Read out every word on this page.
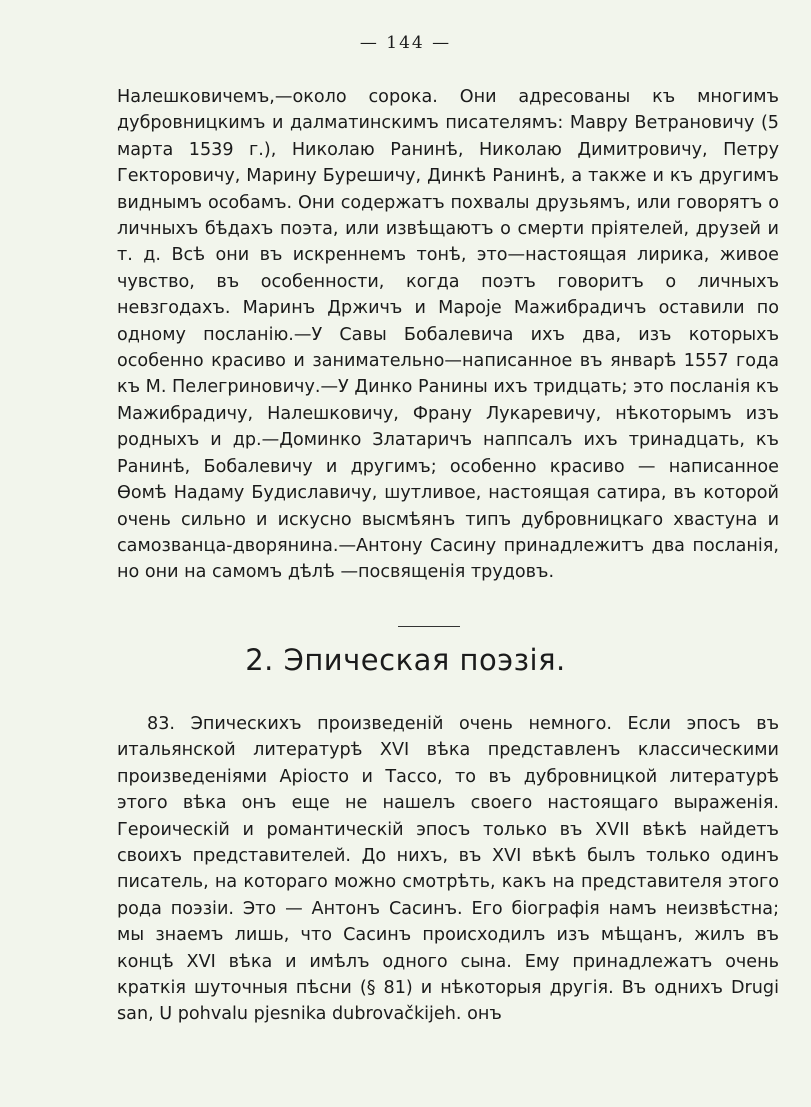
— 144 —

Налешковичемъ,—около сорока. Они адресованы къ многимъ дубровницкимъ и далматинскимъ писателямъ: Мавру Ветрановичу (5 марта 1539 г.), Николаю Ранинѣ, Николаю Димитровичу, Петру Гекторовичу, Марину Бурешичу, Динкѣ Ранинѣ, а также и къ другимъ виднымъ особамъ. Они содержатъ похвалы друзьямъ, или говорятъ о личныхъ бѣдахъ поэта, или извѣщаютъ о смерти пріятелей, друзей и т. д. Всѣ они въ искреннемъ тонѣ, это—настоящая лирика, живое чувство, въ особенности, когда поэтъ говоритъ о личныхъ невзгодахъ. Маринъ Држичъ и Мароје Мажибрадичъ оставили по одному посланію.—У Савы Бобалевича ихъ два, изъ которыхъ особенно красиво и занимательно—написанное въ январѣ 1557 года къ М. Пелегриновичу.—У Динко Ранины ихъ тридцать; это посланія къ Мажибрадичу, Налешковичу, Франу Лукаревичу, нѣкоторымъ изъ родныхъ и др.—Доминко Златаричъ наппсалъ ихъ тринадцать, къ Ранинѣ, Бобалевичу и другимъ; особенно красиво — написанное Ѳомѣ Надаму Будиславичу, шутливое, настоящая сатира, въ которой очень сильно и искусно высмѣянъ типъ дубровницкаго хвастуна и самозванца-дворянина.—Антону Сасину принадлежитъ два посланія, но они на самомъ дѣлѣ —посвященія трудовъ.

2. Эпическая поэзія.

83. Эпическихъ произведеній очень немного. Если эпосъ въ итальянской литературѣ XVI вѣка представленъ классическими произведеніями Аріосто и Тассо, то въ дубровницкой литературѣ этого вѣка онъ еще не нашелъ своего настоящаго выраженія. Героическій и романтическій эпосъ только въ XVII вѣкѣ найдетъ своихъ представителей. До нихъ, въ XVI вѣкѣ былъ только одинъ писатель, на котораго можно смотрѣть, какъ на представителя этого рода поэзіи. Это — Антонъ Сасинъ. Его біографія намъ неизвѣстна; мы знаемъ лишь, что Сасинъ происходилъ изъ мѣщанъ, жилъ въ концѣ XVI вѣка и имѣлъ одного сына. Ему принадлежатъ очень краткія шуточныя пѣсни (§ 81) и нѣкоторыя другія. Въ однихъ Drugi san, U pohvalu pjesnika dubrovačkijeh. онъ
